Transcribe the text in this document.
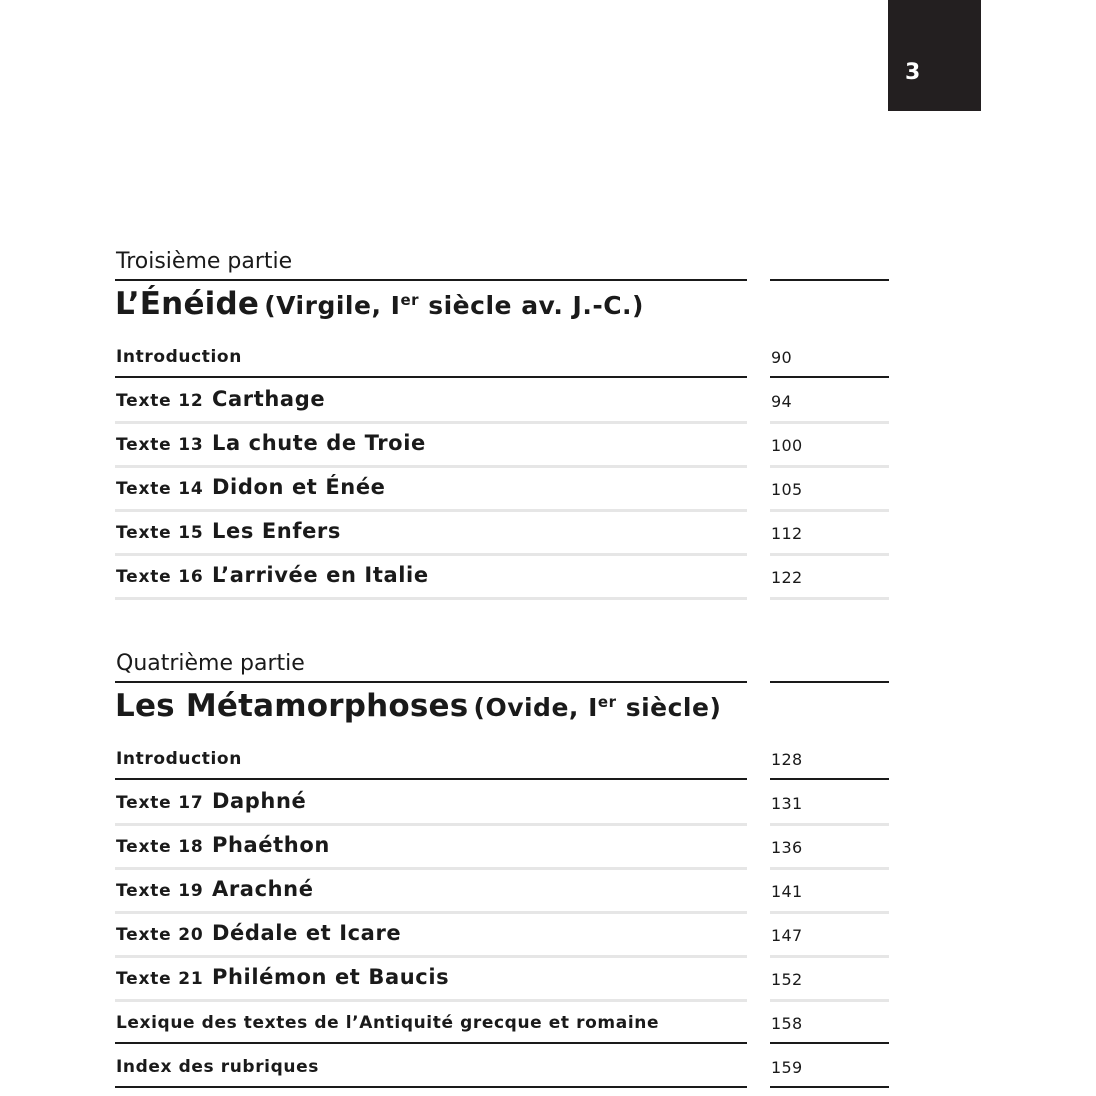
3
Troisième partie
L’Énéide (Virgile, Ier siècle av. J.-C.)
Introduction	90
Texte 12 Carthage	94
Texte 13 La chute de Troie	100
Texte 14 Didon et Énée	105
Texte 15 Les Enfers	112
Texte 16 L’arrivée en Italie	122
Quatrième partie
Les Métamorphoses (Ovide, Ier siècle)
Introduction	128
Texte 17 Daphné	131
Texte 18 Phaéthon	136
Texte 19 Arachné	141
Texte 20 Dédale et Icare	147
Texte 21 Philémon et Baucis	152
Lexique des textes de l’Antiquité grecque et romaine	158
Index des rubriques	159
